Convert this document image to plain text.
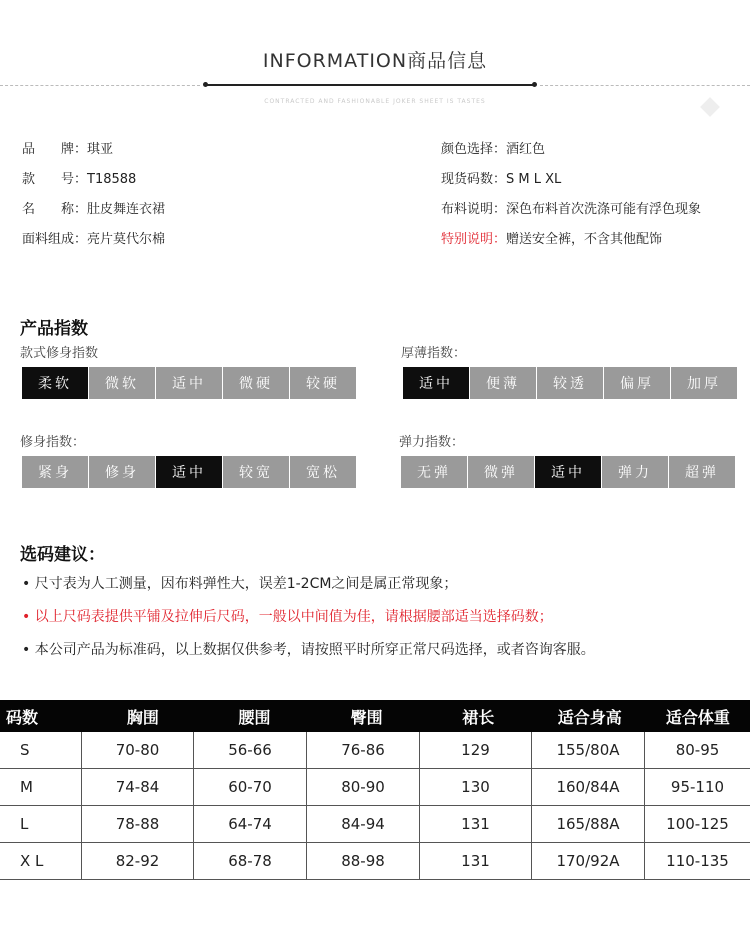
INFORMATION商品信息
CONTRACTED AND FASHIONABLE JOKER SHEET IS TASTES
品　　牌：琪亚
款　　号：T18588
名　　称：肚皮舞连衣裙
面料组成：亮片莫代尔棉
颜色选择：酒红色
现货码数：S M L XL
布料说明：深色布料首次洗涤可能有浮色现象
特别说明：赠送安全裤，不含其他配饰
产品指数
款式修身指数
柔软	微软	适中	微硬	较硬
厚薄指数：
适中	便薄	较透	偏厚	加厚
修身指数：
紧身	修身	适中	较宽	宽松
弹力指数：
无弹	微弹	适中	弹力	超弹
选码建议：
• 尺寸表为人工测量，因布料弹性大，误差1-2CM之间是属正常现象；
• 以上尺码表提供平铺及拉伸后尺码，一般以中间值为佳，请根据腰部适当选择码数；
• 本公司产品为标准码，以上数据仅供参考，请按照平时所穿正常尺码选择，或者咨询客服。
码数	胸围	腰围	臀围	裙长	适合身高	适合体重
S	70-80	56-66	76-86	129	155/80A	80-95
M	74-84	60-70	80-90	130	160/84A	95-110
L	78-88	64-74	84-94	131	165/88A	100-125
X L	82-92	68-78	88-98	131	170/92A	110-135
